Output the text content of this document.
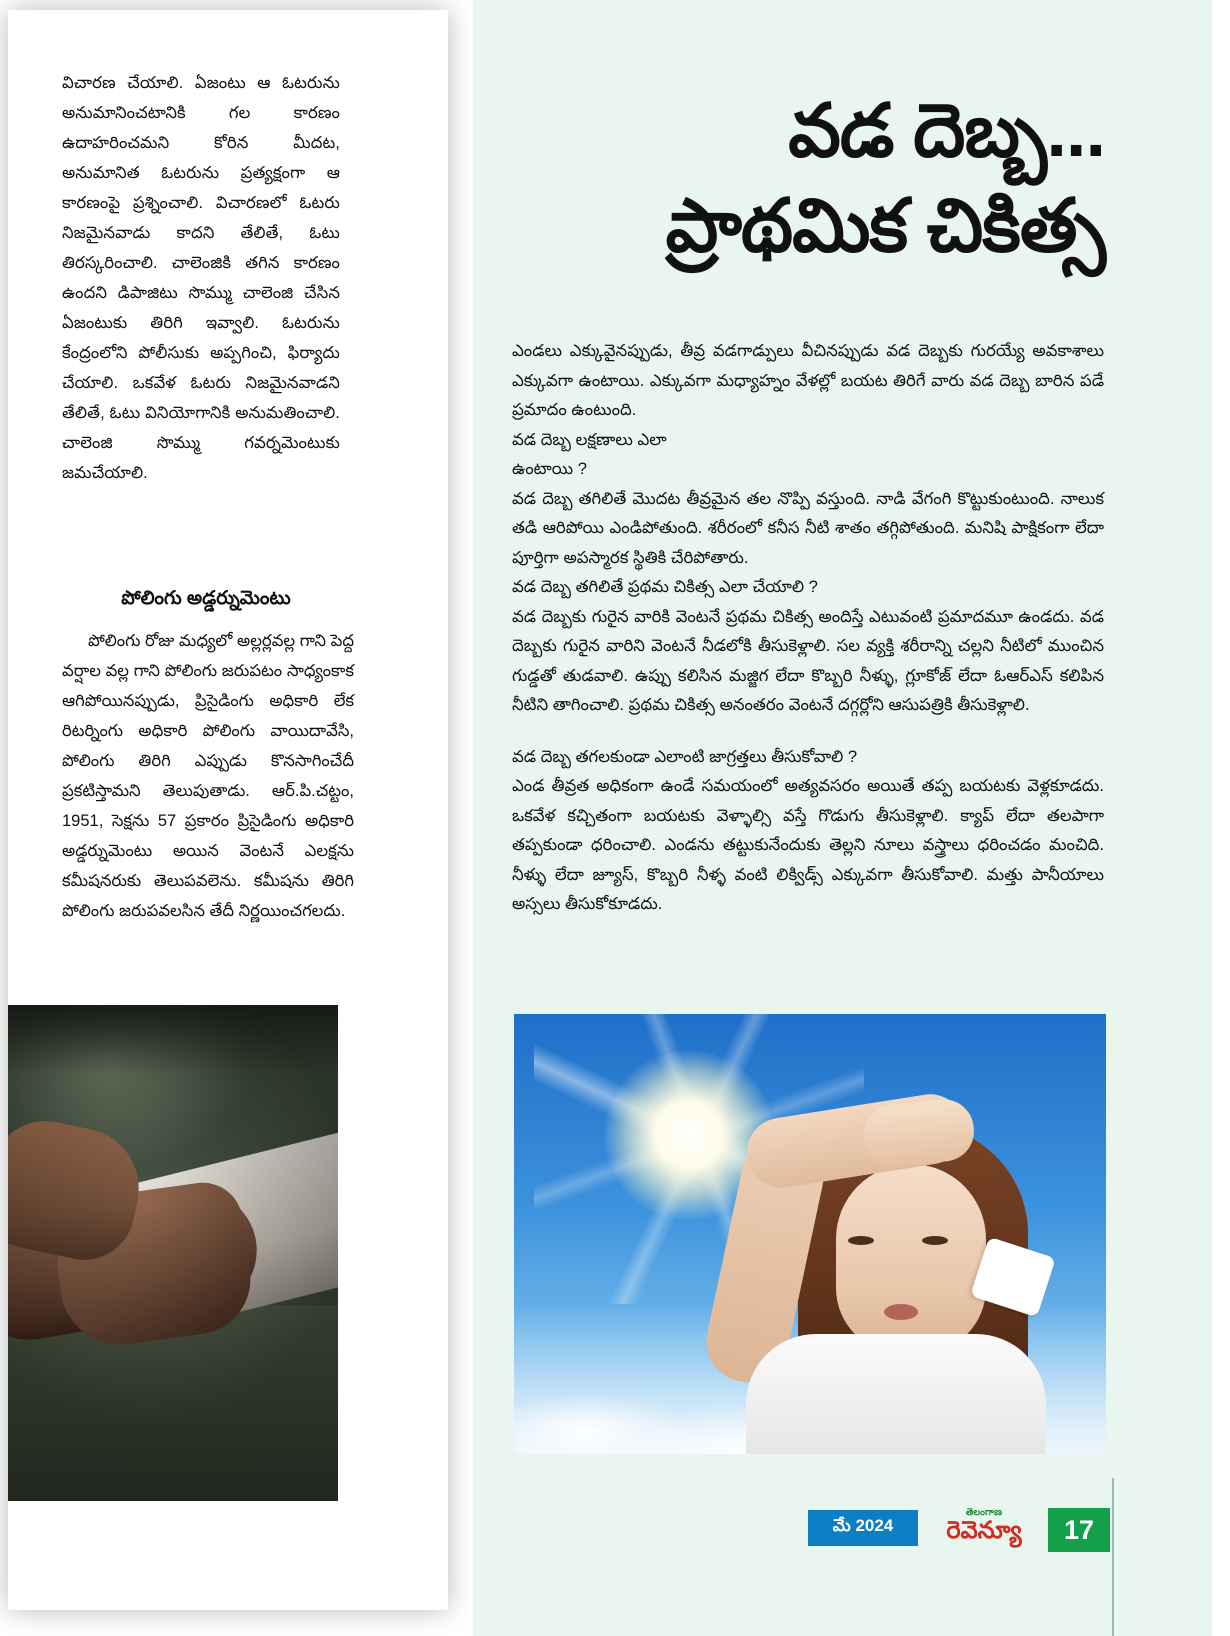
విచారణ చేయాలి. ఏజంటు ఆ ఓటరును అనుమానించటానికి గల కారణం ఉదాహరించమని కోరిన మీదట, అనుమానిత ఓటరును ప్రత్యక్షంగా ఆ కారణంపై ప్రశ్నించాలి. విచారణలో ఓటరు నిజమైనవాడు కాదని తేలితే, ఓటు తిరస్కరించాలి. చాలెంజికి తగిన కారణం ఉందని డిపాజిటు సొమ్ము చాలెంజి చేసిన ఏజంటుకు తిరిగి ఇవ్వాలి. ఓటరును కేంద్రంలోని పోలీసుకు అప్పగించి, ఫిర్యాదు చేయాలి. ఒకవేళ ఓటరు నిజమైనవాడని తేలితే, ఓటు వినియోగానికి అనుమతించాలి. చాలెంజి సొమ్ము గవర్నమెంటుకు జమచేయాలి.
పోలింగు అడ్డర్నుమెంటు

పోలింగు రోజు మధ్యలో అల్లర్లవల్ల గాని పెద్ద వర్షాల వల్ల గాని పోలింగు జరుపటం సాధ్యంకాక ఆగిపోయినప్పుడు, ప్రిసైడింగు అధికారి లేక రిటర్నింగు అధికారి పోలింగు వాయిదావేసి, పోలింగు తిరిగి ఎప్పుడు కొనసాగించేదీ ప్రకటిస్తామని తెలుపుతాడు. ఆర్.పి.చట్టం, 1951, సెక్షను 57 ప్రకారం ప్రిసైడింగు అధికారి అడ్డర్నుమెంటు అయిన వెంటనే ఎలక్షను కమీషనరుకు తెలుపవలెను. కమీషను తిరిగి పోలింగు జరుపవలసిన తేదీ నిర్ణయించగలదు.

వడ దెబ్బ...
ప్రాథమిక చికిత్స

ఎండలు ఎక్కువైనప్పుడు, తీవ్ర వడగాడ్పులు వీచినప్పుడు వడ దెబ్బకు గురయ్యే అవకాశాలు ఎక్కువగా ఉంటాయి. ఎక్కువగా మధ్యాహ్నం వేళల్లో బయట తిరిగే వారు వడ దెబ్బ బారిన పడే ప్రమాదం ఉంటుంది.

వడ దెబ్బ లక్షణాలు ఎలా

ఉంటాయి ?

వడ దెబ్బ తగిలితే మొదట తీవ్రమైన తల నొప్పి వస్తుంది. నాడి వేగంగి కొట్టుకుంటుంది. నాలుక తడి ఆరిపోయి ఎండిపోతుంది. శరీరంలో కనీస నీటి శాతం తగ్గిపోతుంది. మనిషి పాక్షికంగా లేదా పూర్తిగా అపస్మారక స్థితికి చేరిపోతారు.

వడ దెబ్బ తగిలితే ప్రథమ చికిత్స ఎలా చేయాలి ?

వడ దెబ్బకు గురైన వారికి వెంటనే ప్రథమ చికిత్స అందిస్తే ఎటువంటి ప్రమాదమూ ఉండదు. వడ దెబ్బకు గురైన వారిని వెంటనే నీడలోకి తీసుకెళ్లాలి. సల వ్యక్తి శరీరాన్ని చల్లని నీటిలో ముంచిన గుడ్డతో తుడవాలి. ఉప్పు కలిసిన మజ్జిగ లేదా కొబ్బరి నీళ్ళు, గ్లూకోజ్ లేదా ఓఆర్ఎస్ కలిపిన నీటిని తాగించాలి. ప్రథమ చికిత్స అనంతరం వెంటనే దగ్గర్లోని ఆసుపత్రికి తీసుకెళ్లాలి.

వడ దెబ్బ తగలకుండా ఎలాంటి జాగ్రత్తలు తీసుకోవాలి ?

ఎండ తీవ్రత అధికంగా ఉండే సమయంలో అత్యవసరం అయితే తప్ప బయటకు వెళ్లకూడదు. ఒకవేళ కచ్చితంగా బయటకు వెళ్ళాల్సి వస్తే గొడుగు తీసుకెళ్లాలి. క్యాప్ లేదా తలపాగా తప్పకుండా ధరించాలి. ఎండను తట్టుకునేందుకు తెల్లని నూలు వస్త్రాలు ధరించడం మంచిది. నీళ్ళు లేదా జ్యూస్, కొబ్బరి నీళ్ళ వంటి లిక్విడ్స్ ఎక్కువగా తీసుకోవాలి. మత్తు పానీయాలు అస్సలు తీసుకోకూడదు.

మే 2024
తెలంగాణ
రెవెన్యూ	17
